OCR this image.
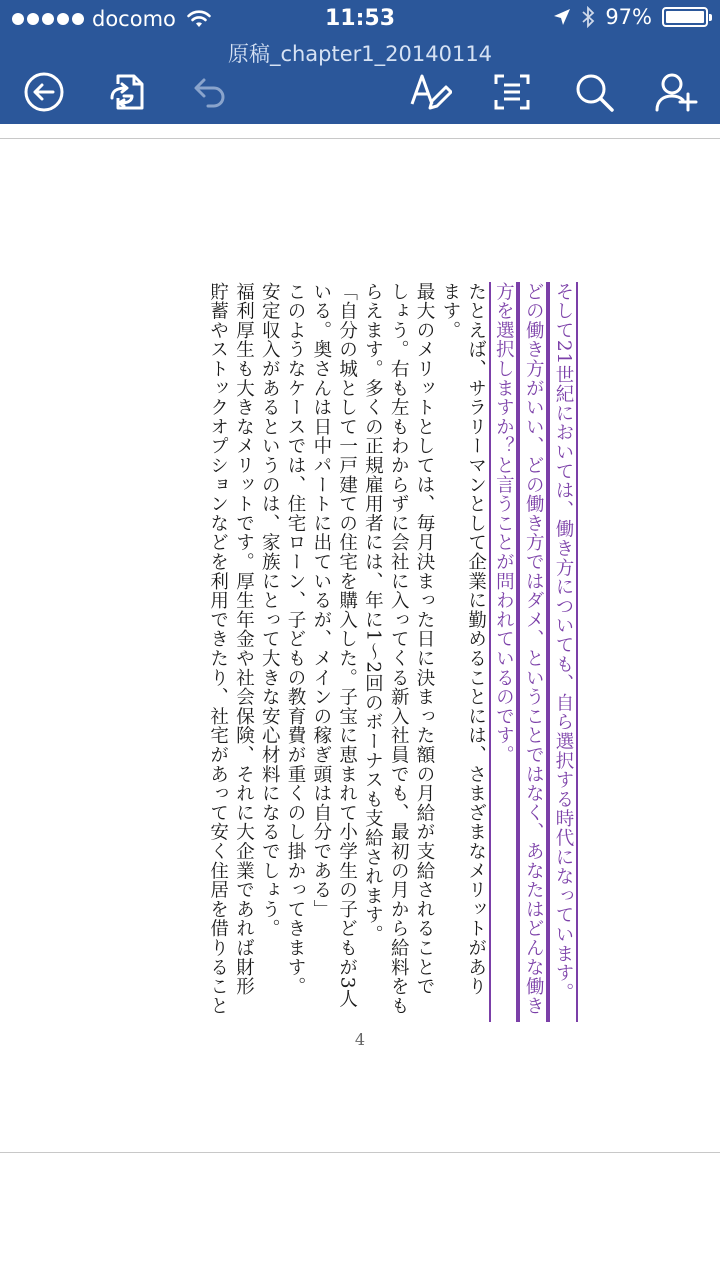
docomo	11:53	97%
原稿_chapter1_20140114

そして21世紀においては、働き方についても、自ら選択する時代になっています。

どの働き方がいい、どの働き方ではダメ、ということではなく、あなたはどんな働き

方を選択しますか？と言うことが問われているのです。

たとえば、サラリーマンとして企業に勤めることには、さまざまなメリットがあり

ます。

最大のメリットとしては、毎月決まった日に決まった額の月給が支給されることで

しょう。右も左もわからずに会社に入ってくる新入社員でも、最初の月から給料をも

らえます。多くの正規雇用者には、年に1〜2回のボーナスも支給されます。

「自分の城として一戸建ての住宅を購入した。子宝に恵まれて小学生の子どもが3人

いる。奥さんは日中パートに出ているが、メインの稼ぎ頭は自分である」

このようなケースでは、住宅ローン、子どもの教育費が重くのし掛かってきます。

安定収入があるというのは、家族にとって大きな安心材料になるでしょう。

福利厚生も大きなメリットです。厚生年金や社会保険、それに大企業であれば財形

貯蓄やストックオプションなどを利用できたり、社宅があって安く住居を借りること

4
